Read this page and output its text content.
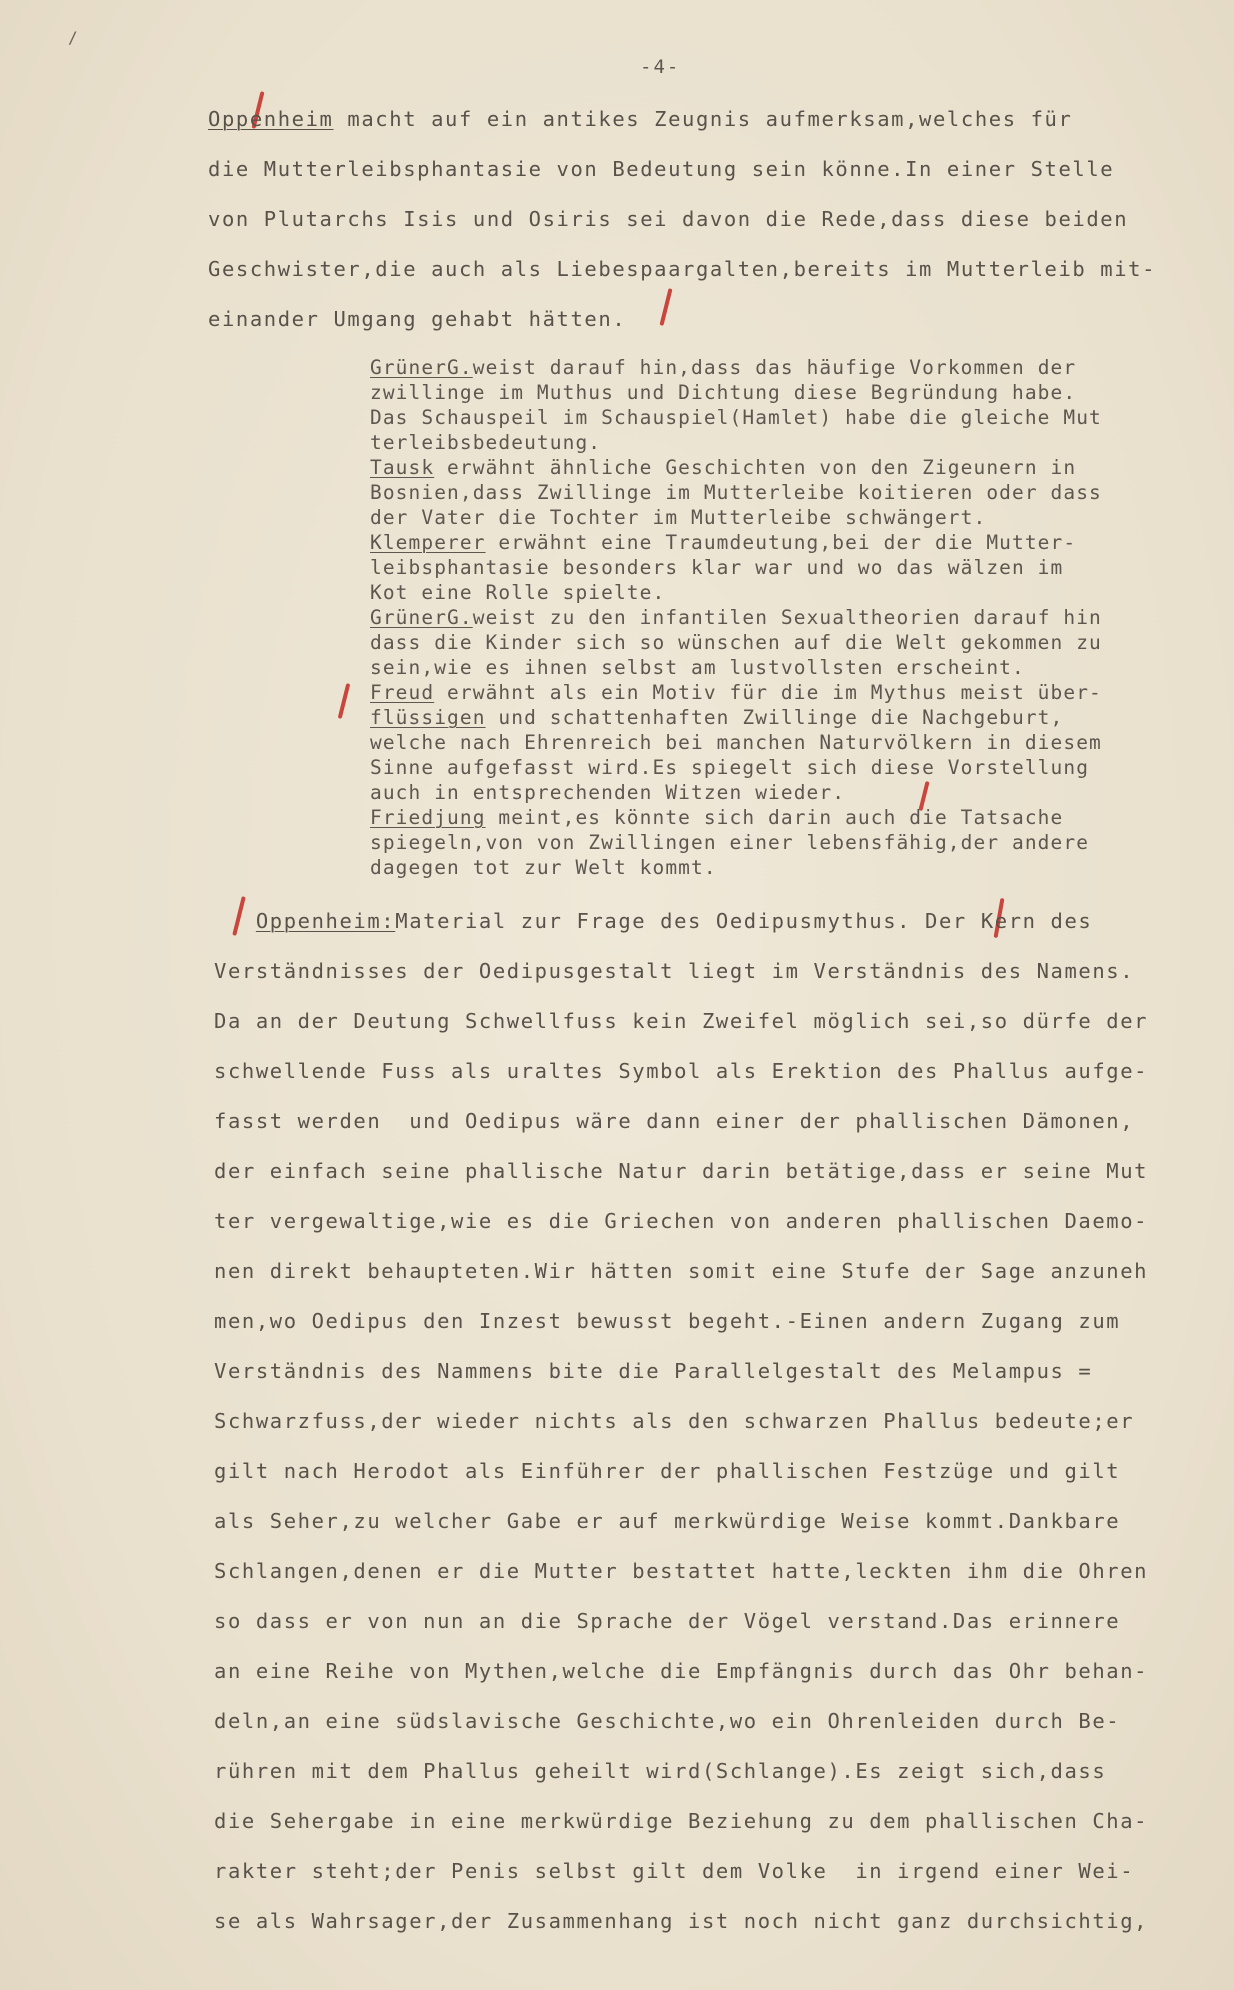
/
-4-

Oppenheim macht auf ein antikes Zeugnis aufmerksam,welches für
die Mutterleibsphantasie von Bedeutung sein könne.In einer Stelle
von Plutarchs Isis und Osiris sei davon die Rede,dass diese beiden
Geschwister,die auch als Liebespaargalten,bereits im Mutterleib mit-
einander Umgang gehabt hätten.

GrünerG.weist darauf hin,dass das häufige Vorkommen der
zwillinge im Muthus und Dichtung diese Begründung habe.
Das Schauspeil im Schauspiel(Hamlet) habe die gleiche Mut
terleibsbedeutung.
Tausk erwähnt ähnliche Geschichten von den Zigeunern in
Bosnien,dass Zwillinge im Mutterleibe koitieren oder dass
der Vater die Tochter im Mutterleibe schwängert.
Klemperer erwähnt eine Traumdeutung,bei der die Mutter-
leibsphantasie besonders klar war und wo das wälzen im
Kot eine Rolle spielte.
GrünerG.weist zu den infantilen Sexualtheorien darauf hin
dass die Kinder sich so wünschen auf die Welt gekommen zu
sein,wie es ihnen selbst am lustvollsten erscheint.
Freud erwähnt als ein Motiv für die im Mythus meist über-
flüssigen und schattenhaften Zwillinge die Nachgeburt,
welche nach Ehrenreich bei manchen Naturvölkern in diesem
Sinne aufgefasst wird.Es spiegelt sich diese Vorstellung
auch in entsprechenden Witzen wieder.
Friedjung meint,es könnte sich darin auch die Tatsache
spiegeln,von von Zwillingen einer lebensfähig,der andere
dagegen tot zur Welt kommt.

Oppenheim:Material zur Frage des Oedipusmythus. Der Kern des
Verständnisses der Oedipusgestalt liegt im Verständnis des Namens.
Da an der Deutung Schwellfuss kein Zweifel möglich sei,so dürfe der
schwellende Fuss als uraltes Symbol als Erektion des Phallus aufge-
fasst werden  und Oedipus wäre dann einer der phallischen Dämonen,
der einfach seine phallische Natur darin betätige,dass er seine Mut
ter vergewaltige,wie es die Griechen von anderen phallischen Daemo-
nen direkt behaupteten.Wir hätten somit eine Stufe der Sage anzuneh
men,wo Oedipus den Inzest bewusst begeht.-Einen andern Zugang zum
Verständnis des Nammens bite die Parallelgestalt des Melampus =
Schwarzfuss,der wieder nichts als den schwarzen Phallus bedeute;er
gilt nach Herodot als Einführer der phallischen Festzüge und gilt
als Seher,zu welcher Gabe er auf merkwürdige Weise kommt.Dankbare
Schlangen,denen er die Mutter bestattet hatte,leckten ihm die Ohren
so dass er von nun an die Sprache der Vögel verstand.Das erinnere
an eine Reihe von Mythen,welche die Empfängnis durch das Ohr behan-
deln,an eine südslavische Geschichte,wo ein Ohrenleiden durch Be-
rühren mit dem Phallus geheilt wird(Schlange).Es zeigt sich,dass
die Sehergabe in eine merkwürdige Beziehung zu dem phallischen Cha-
rakter steht;der Penis selbst gilt dem Volke  in irgend einer Wei-
se als Wahrsager,der Zusammenhang ist noch nicht ganz durchsichtig,
